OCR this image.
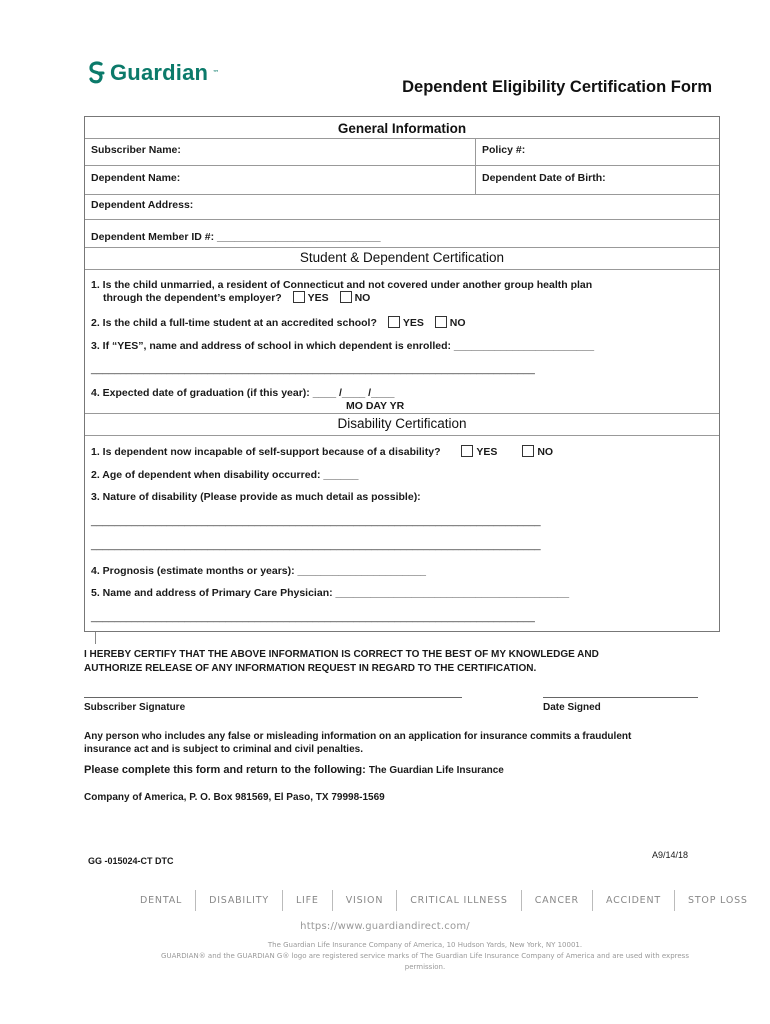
Guardian ™
Dependent Eligibility Certification Form
General Information
Subscriber Name:	Policy #:
Dependent Name:	Dependent Date of Birth:
Dependent Address:
Dependent Member ID #: ____________________________
Student & Dependent Certification
1. Is the child unmarried, a resident of Connecticut and not covered under another group health plan
through the dependent’s employer? YES NO
2. Is the child a full-time student at an accredited school? YES NO
3. If “YES”, name and address of school in which dependent is enrolled: ________________________
____________________________________________________________________________
4. Expected date of graduation (if this year): ____ /____ /____
MO DAY YR
Disability Certification
1. Is dependent now incapable of self-support because of a disability?	YES	NO
2. Age of dependent when disability occurred: ______
3. Nature of disability (Please provide as much detail as possible):
_____________________________________________________________________________
_____________________________________________________________________________
4. Prognosis (estimate months or years): ______________________
5. Name and address of Primary Care Physician: ________________________________________
____________________________________________________________________________
I HEREBY CERTIFY THAT THE ABOVE INFORMATION IS CORRECT TO THE BEST OF MY KNOWLEDGE AND
AUTHORIZE RELEASE OF ANY INFORMATION REQUEST IN REGARD TO THE CERTIFICATION.
Subscriber Signature	Date Signed
Any person who includes any false or misleading information on an application for insurance commits a fraudulent
insurance act and is subject to criminal and civil penalties.
Please complete this form and return to the following: The Guardian Life Insurance
Company of America, P. O. Box 981569, El Paso, TX 79998-1569
GG -015024-CT DTC
A9/14/18
DENTAL	DISABILITY	LIFE	VISION	CRITICAL ILLNESS	CANCER	ACCIDENT	STOP LOSS
https://www.guardiandirect.com/
The Guardian Life Insurance Company of America, 10 Hudson Yards, New York, NY 10001.
GUARDIAN® and the GUARDIAN G® logo are registered service marks of The Guardian Life Insurance Company of America and are used with express
permission.
